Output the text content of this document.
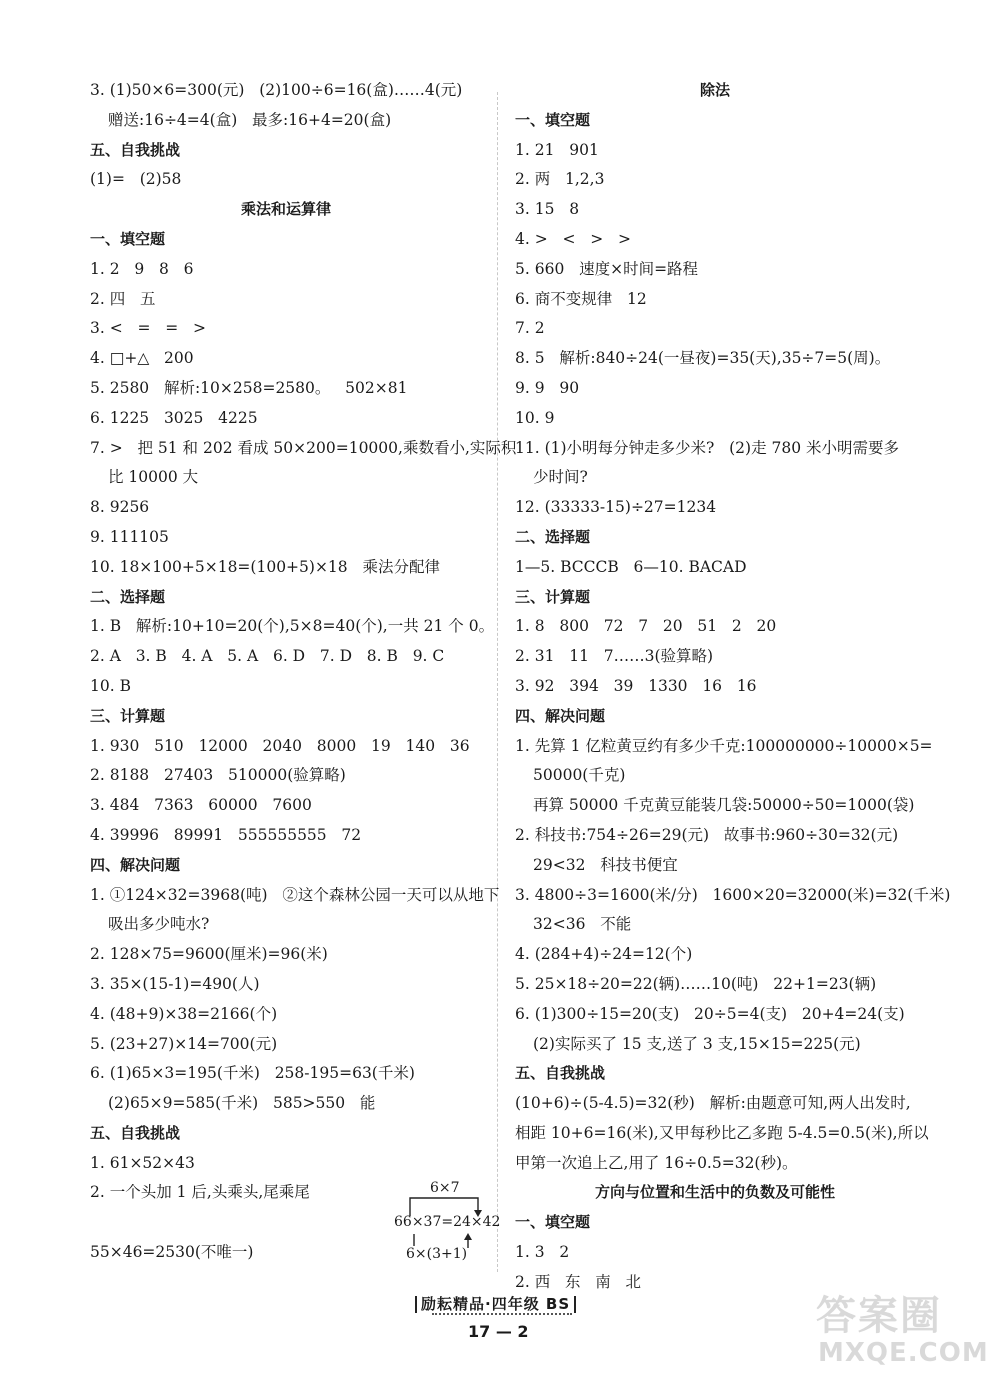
3. (1)50×6=300(元)   (2)100÷6=16(盒)……4(元)
赠送:16÷4=4(盒)   最多:16+4=20(盒)
五、自我挑战
(1)=   (2)58
乘法和运算律
一、填空题
1. 2   9   8   6
2. 四   五
3. <   =   =   >
4. □+△   200
5. 2580   解析:10×258=2580。   502×81
6. 1225   3025   4225
7. >   把 51 和 202 看成 50×200=10000,乘数看小,实际积
比 10000 大
8. 9256
9. 111105
10. 18×100+5×18=(100+5)×18   乘法分配律
二、选择题
1. B   解析:10+10=20(个),5×8=40(个),一共 21 个 0。
2. A   3. B   4. A   5. A   6. D   7. D   8. B   9. C
10. B
三、计算题
1. 930   510   12000   2040   8000   19   140   36
2. 8188   27403   510000(验算略)
3. 484   7363   60000   7600
4. 39996   89991   555555555   72
四、解决问题
1. ①124×32=3968(吨)   ②这个森林公园一天可以从地下
吸出多少吨水?
2. 128×75=9600(厘米)=96(米)
3. 35×(15-1)=490(人)
4. (48+9)×38=2166(个)
5. (23+27)×14=700(元)
6. (1)65×3=195(千米)   258-195=63(千米)
(2)65×9=585(千米)   585>550   能
五、自我挑战
1. 61×52×43
2. 一个头加 1 后,头乘头,尾乘尾
55×46=2530(不唯一)
除法
一、填空题
1. 21   901
2. 两   1,2,3
3. 15   8
4. >   <   >   >
5. 660   速度×时间=路程
6. 商不变规律   12
7. 2
8. 5   解析:840÷24(一昼夜)=35(天),35÷7=5(周)。
9. 9   90
10. 9
11. (1)小明每分钟走多少米?   (2)走 780 米小明需要多
少时间?
12. (33333-15)÷27=1234
二、选择题
1—5. BCCCB   6—10. BACAD
三、计算题
1. 8   800   72   7   20   51   2   20
2. 31   11   7……3(验算略)
3. 92   394   39   1330   16   16
四、解决问题
1. 先算 1 亿粒黄豆约有多少千克:100000000÷10000×5=
50000(千克)
再算 50000 千克黄豆能装几袋:50000÷50=1000(袋)
2. 科技书:754÷26=29(元)   故事书:960÷30=32(元)
29<32   科技书便宜
3. 4800÷3=1600(米/分)   1600×20=32000(米)=32(千米)
32<36   不能
4. (284+4)÷24=12(个)
5. 25×18÷20=22(辆)……10(吨)   22+1=23(辆)
6. (1)300÷15=20(支)   20÷5=4(支)   20+4=24(支)
(2)实际买了 15 支,送了 3 支,15×15=225(元)
五、自我挑战
(10+6)÷(5-4.5)=32(秒)   解析:由题意可知,两人出发时,
相距 10+6=16(米),又甲每秒比乙多跑 5-4.5=0.5(米),所以
甲第一次追上乙,用了 16÷0.5=32(秒)。
方向与位置和生活中的负数及可能性
一、填空题
1. 3   2
2. 西   东   南   北
6×7
66×37=24×42
6×(3+1)
励耘精品·四年级 BS
17 — 2	答案圈
MXQE.COM
